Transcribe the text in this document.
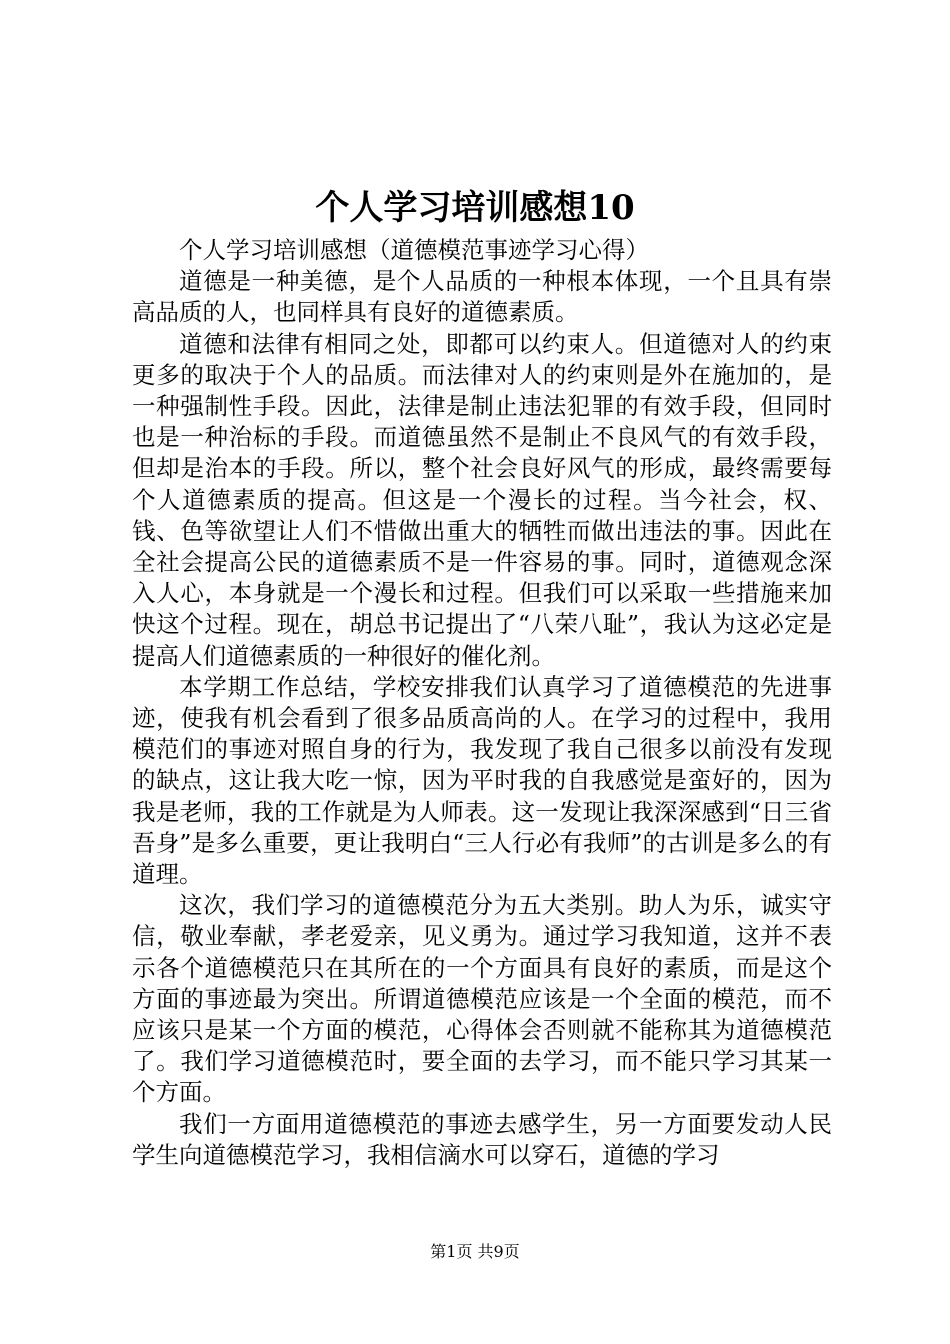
个人学习培训感想10

个人学习培训感想（道德模范事迹学习心得）

道德是一种美德，是个人品质的一种根本体现，一个且具有崇高品质的人，也同样具有良好的道德素质。

道德和法律有相同之处，即都可以约束人。但道德对人的约束更多的取决于个人的品质。而法律对人的约束则是外在施加的，是一种强制性手段。因此，法律是制止违法犯罪的有效手段，但同时也是一种治标的手段。而道德虽然不是制止不良风气的有效手段，但却是治本的手段。所以，整个社会良好风气的形成，最终需要每个人道德素质的提高。但这是一个漫长的过程。当今社会，权、钱、色等欲望让人们不惜做出重大的牺牲而做出违法的事。因此在全社会提高公民的道德素质不是一件容易的事。同时，道德观念深入人心，本身就是一个漫长和过程。但我们可以采取一些措施来加快这个过程。现在，胡总书记提出了“八荣八耻”，我认为这必定是提高人们道德素质的一种很好的催化剂。

本学期工作总结，学校安排我们认真学习了道德模范的先进事迹，使我有机会看到了很多品质高尚的人。在学习的过程中，我用模范们的事迹对照自身的行为，我发现了我自己很多以前没有发现的缺点，这让我大吃一惊，因为平时我的自我感觉是蛮好的，因为我是老师，我的工作就是为人师表。这一发现让我深深感到“日三省吾身”是多么重要，更让我明白“三人行必有我师”的古训是多么的有道理。

这次，我们学习的道德模范分为五大类别。助人为乐，诚实守信，敬业奉献，孝老爱亲，见义勇为。通过学习我知道，这并不表示各个道德模范只在其所在的一个方面具有良好的素质，而是这个方面的事迹最为突出。所谓道德模范应该是一个全面的模范，而不应该只是某一个方面的模范，心得体会否则就不能称其为道德模范了。我们学习道德模范时，要全面的去学习，而不能只学习其某一个方面。

我们一方面用道德模范的事迹去感学生，另一方面要发动人民学生向道德模范学习，我相信滴水可以穿石，道德的学习

第1页 共9页
